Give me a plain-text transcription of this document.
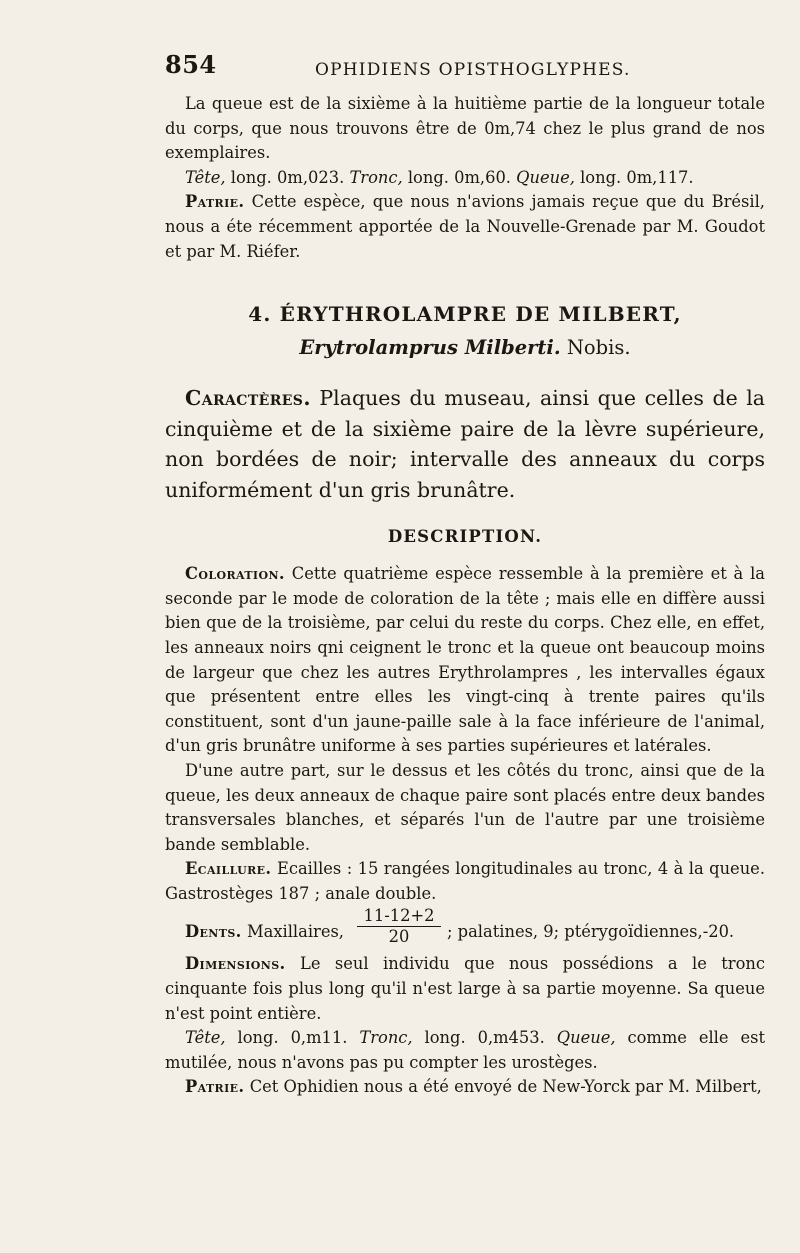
854	OPHIDIENS OPISTHOGLYPHES.

La queue est de la sixième à la huitième partie de la longueur totale du corps, que nous trouvons être de 0m,74 chez le plus grand de nos exemplaires.

Tête, long. 0m,023. Tronc, long. 0m,60. Queue, long. 0m,117.

Patrie. Cette espèce, que nous n'avions jamais reçue que du Brésil, nous a éte récemment apportée de la Nouvelle-Grenade par M. Goudot et par M. Riéfer.

4. ÉRYTHROLAMPRE DE MILBERT,
Erytrolamprus Milberti. Nobis.

Caractères. Plaques du museau, ainsi que celles de la cinquième et de la sixième paire de la lèvre supérieure, non bordées de noir; intervalle des anneaux du corps uniformément d'un gris brunâtre.

DESCRIPTION.

Coloration. Cette quatrième espèce ressemble à la première et à la seconde par le mode de coloration de la tête ; mais elle en diffère aussi bien que de la troisième, par celui du reste du corps. Chez elle, en effet, les anneaux noirs qni ceignent le tronc et la queue ont beaucoup moins de largeur que chez les autres Erythrolampres , les intervalles égaux que présentent entre elles les vingt-cinq à trente paires qu'ils constituent, sont d'un jaune-paille sale à la face inférieure de l'animal, d'un gris brunâtre uniforme à ses parties supérieures et latérales.

D'une autre part, sur le dessus et les côtés du tronc, ainsi que de la queue, les deux anneaux de chaque paire sont placés entre deux bandes transversales blanches, et séparés l'un de l'autre par une troisième bande semblable.

Ecaillure. Ecailles : 15 rangées longitudinales au tronc, 4 à la queue. Gastrostèges 187 ; anale double.

Dents. Maxillaires,
11-12+2
20	; palatines, 9; ptérygoïdiennes,-20.

Dimensions. Le seul individu que nous possédions a le tronc cinquante fois plus long qu'il n'est large à sa partie moyenne. Sa queue n'est point entière.

Tête, long. 0,m11. Tronc, long. 0,m453. Queue, comme elle est mutilée, nous n'avons pas pu compter les urostèges.

Patrie. Cet Ophidien nous a été envoyé de New-Yorck par M. Milbert,
